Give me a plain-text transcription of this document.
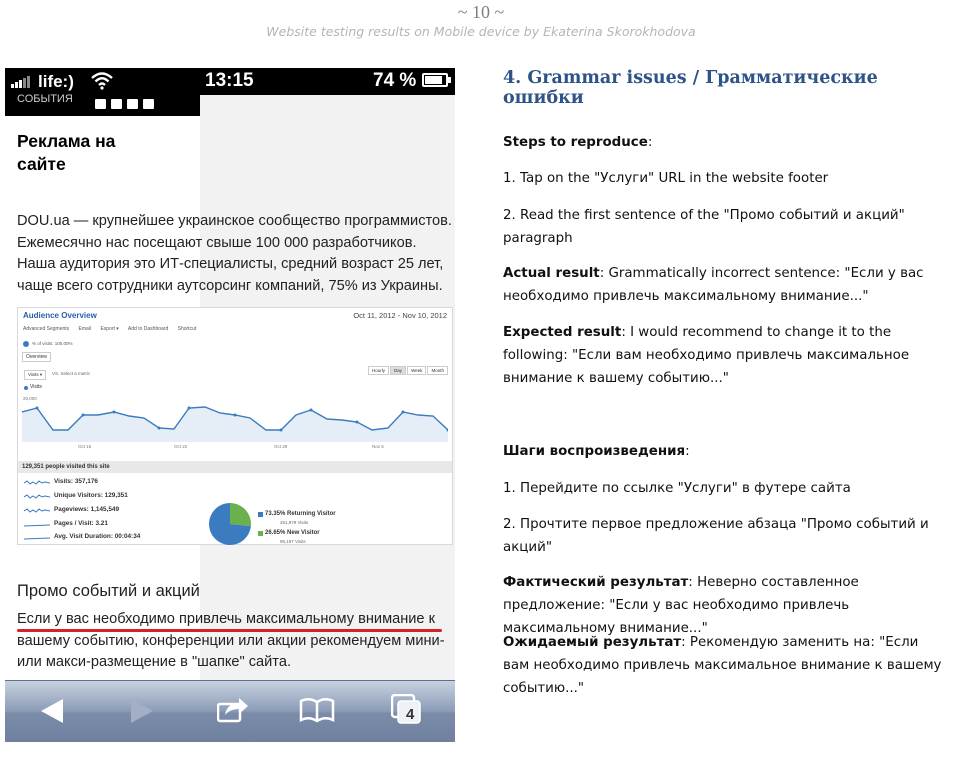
~ 10 ~
Website testing results on Mobile device by Ekaterina Skorokhodova
life:)	13:15	74 %
СОБЫТИЯ
Реклама на сайте
DOU.ua — крупнейшее украинское сообщество программистов. Ежемесячно нас посещают свыше 100 000 разработчиков. Наша аудитория это ИТ-специалисты, средний возраст 25 лет, чаще всего сотрудники аутсорсинг компаний, 75% из Украины.
Audience Overview	Oct 11, 2012 - Nov 10, 2012
Advanced Segments Email Export ▾ Add to Dashboard Shortcut
% of visits: 100.00%
Overview
Visits ▾	VS. Select a metric
Hourly Day Week Month
Visits
20,000
Oct 15	Oct 22	Oct 29	Nov 5
129,351 people visited this site
Visits: 357,176
Unique Visitors: 129,351
Pageviews: 1,145,549
Pages / Visit: 3.21
Avg. Visit Duration: 00:04:34
73.35% Returning Visitor
261,979 Visits
26.65% New Visitor
95,197 Visits
Промо событий и акций
Если у вас необходимо привлечь максимальному внимание к вашему событию, конференции или акции рекомендуем мини-или макси-размещение в "шапке" сайта.
4
4. Grammar issues / Грамматические ошибки
Steps to reproduce:
1. Tap on the "Услуги" URL in the website footer
2. Read the first sentence of the "Промо событий и акций" paragraph
Actual result: Grammatically incorrect sentence: "Если у вас необходимо привлечь максимальному внимание..."
Expected result: I would recommend to change it to the following: "Если вам необходимо привлечь максимальное внимание к вашему событию..."
Шаги воспроизведения:
1. Перейдите по ссылке "Услуги" в футере сайта
2. Прочтите первое предложение абзаца "Промо событий и акций"
Фактический результат: Неверно составленное предложение: "Если у вас необходимо привлечь максимальному внимание..."
Ожидаемый результат: Рекомендую заменить на: "Если вам необходимо привлечь максимальное внимание к вашему событию..."
